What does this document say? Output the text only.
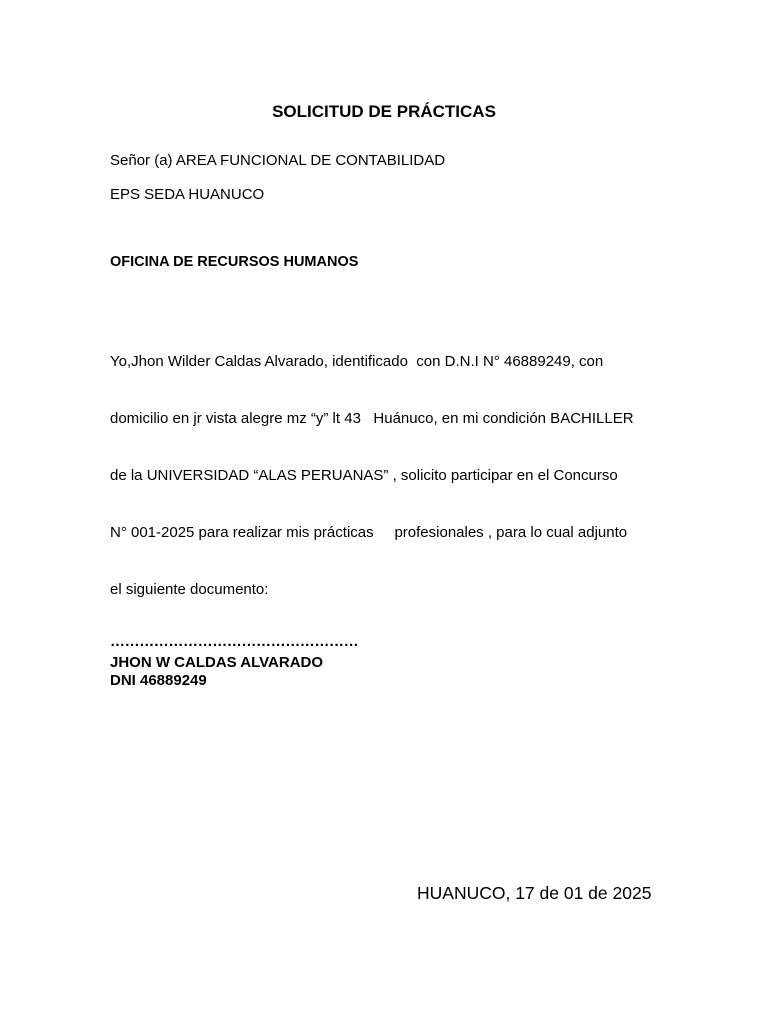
SOLICITUD DE PRÁCTICAS
Señor (a) AREA FUNCIONAL DE CONTABILIDAD
EPS SEDA HUANUCO
OFICINA DE RECURSOS HUMANOS

Yo,Jhon Wilder Caldas Alvarado, identificado  con D.N.I N° 46889249, con

domicilio en jr vista alegre mz “y” lt 43   Huánuco, en mi condición BACHILLER

de la UNIVERSIDAD “ALAS PERUANAS” , solicito participar en el Concurso

N° 001-2025 para realizar mis prácticas     profesionales , para lo cual adjunto

el siguiente documento:

……………………………………………
JHON W CALDAS ALVARADO
DNI 46889249
HUANUCO, 17 de 01 de 2025
